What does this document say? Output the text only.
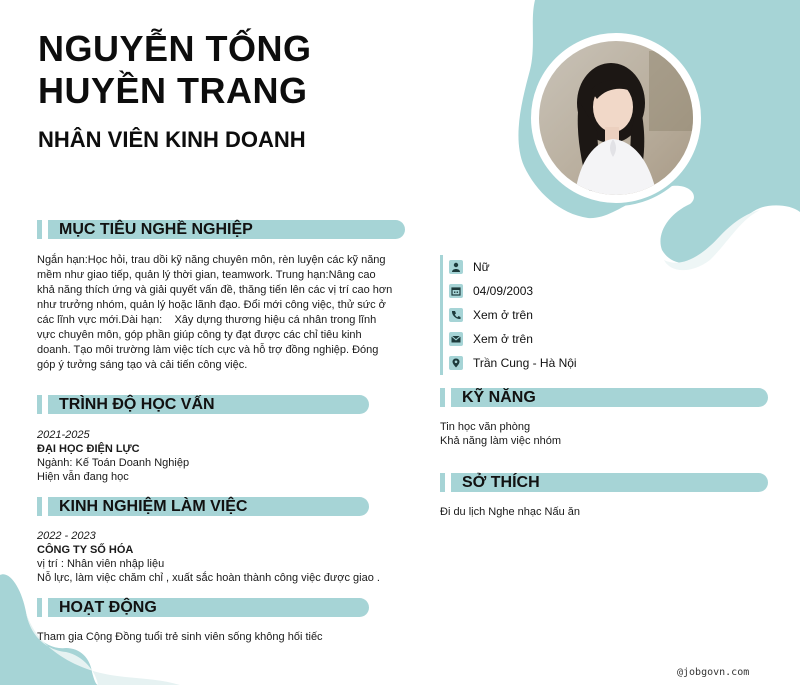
NGUYỄN TỐNG
HUYỀN TRANG
NHÂN VIÊN KINH DOANH
MỤC TIÊU NGHỀ NGHIỆP
Ngắn hạn:Học hỏi, trau dồi kỹ năng chuyên môn, rèn luyện các kỹ năng
mềm như giao tiếp, quản lý thời gian, teamwork. Trung hạn:Nâng cao
khả năng thích ứng và giải quyết vấn đề, thăng tiến lên các vị trí cao hơn
như trưởng nhóm, quản lý hoặc lãnh đạo. Đổi mới công việc, thử sức ở
các lĩnh vực mới.Dài hạn:    Xây dựng thương hiệu cá nhân trong lĩnh
vực chuyên môn, góp phần giúp công ty đạt được các chỉ tiêu kinh
doanh. Tạo môi trường làm việc tích cực và hỗ trợ đồng nghiệp. Đóng
góp ý tưởng sáng tạo và cải tiến công việc.
TRÌNH ĐỘ HỌC VẤN
2021-2025
ĐẠI HỌC ĐIỆN LỰC
Ngành: Kế Toán Doanh Nghiệp
Hiện vẫn đang học
KINH NGHIỆM LÀM VIỆC
2022 - 2023
CÔNG TY SỐ HÓA
vị trí : Nhân viên nhập liệu
Nỗ lực, làm việc chăm chỉ , xuất sắc hoàn thành công việc được giao .
HOẠT ĐỘNG
Tham gia Cộng Đồng tuổi trẻ sinh viên sống không hối tiếc
Nữ
04/09/2003
Xem ở trên
Xem ở trên
Trần Cung - Hà Nội
KỸ NĂNG
Tin học văn phòng
Khả năng làm việc nhóm
SỞ THÍCH
Đi du lịch Nghe nhạc Nấu ăn
@jobgovn.com
